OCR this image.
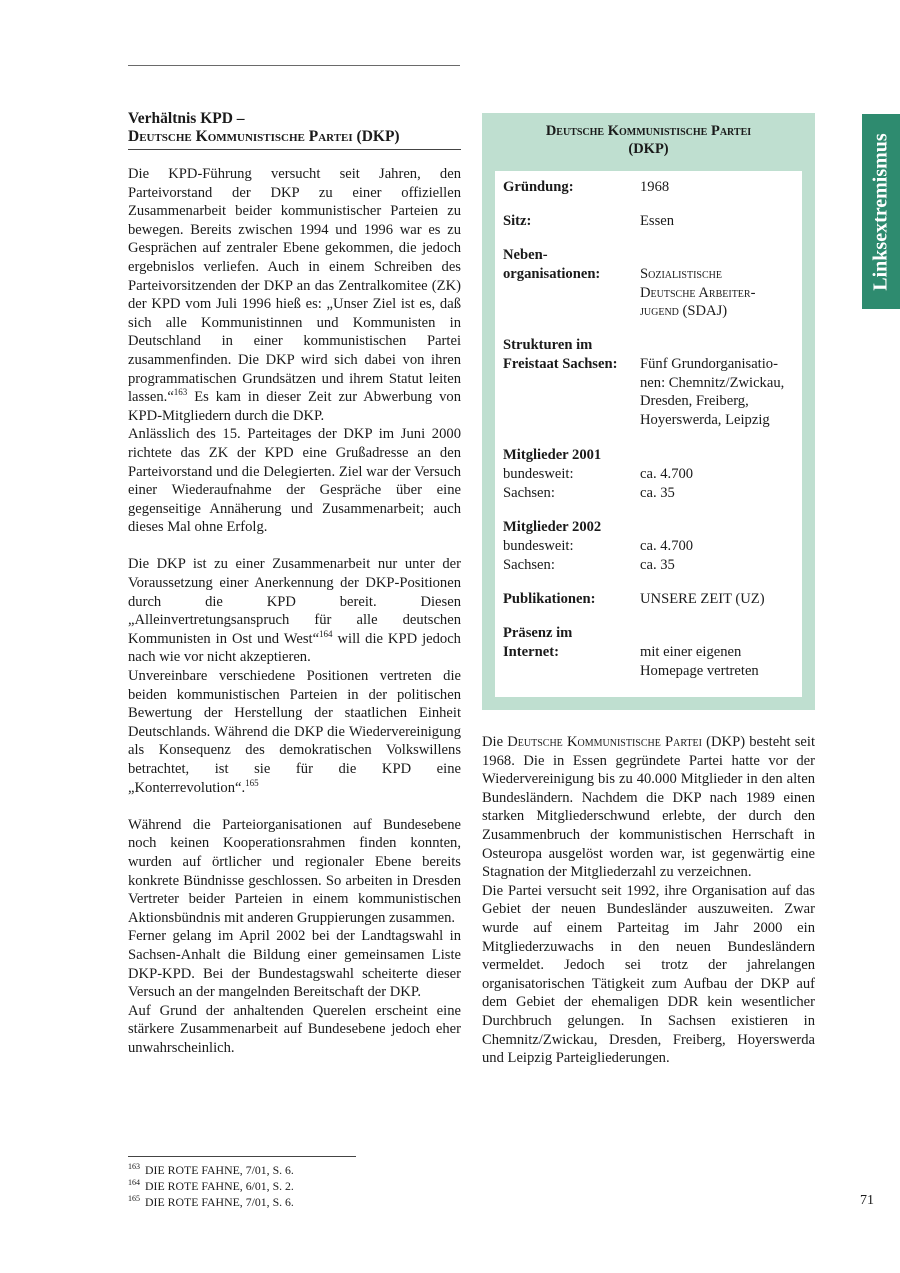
Verhältnis KPD –
Deutsche Kommunistische Partei (DKP)

Die KPD-Führung versucht seit Jahren, den Parteivorstand der DKP zu einer offiziellen Zusammenarbeit beider kommunistischer Parteien zu bewegen. Bereits zwischen 1994 und 1996 war es zu Gesprächen auf zentraler Ebene gekommen, die jedoch ergebnislos verliefen. Auch in einem Schreiben des Parteivorsitzenden der DKP an das Zentralkomitee (ZK) der KPD vom Juli 1996 hieß es: „Unser Ziel ist es, daß sich alle Kommunistinnen und Kommunisten in Deutschland in einer kommunistischen Partei zusammenfinden. Die DKP wird sich dabei von ihren programmatischen Grundsätzen und ihrem Statut leiten lassen.“$^{163}$ Es kam in dieser Zeit zur Abwerbung von KPD-Mitgliedern durch die DKP.

Anlässlich des 15. Parteitages der DKP im Juni 2000 richtete das ZK der KPD eine Grußadresse an den Parteivorstand und die Delegierten. Ziel war der Versuch einer Wiederaufnahme der Gespräche über eine gegenseitige Annäherung und Zusammenarbeit; auch dieses Mal ohne Erfolg.

Die DKP ist zu einer Zusammenarbeit nur unter der Voraussetzung einer Anerkennung der DKP-Positionen durch die KPD bereit. Diesen „Alleinvertretungsanspruch für alle deutschen Kommunisten in Ost und West“$^{164}$ will die KPD jedoch nach wie vor nicht akzeptieren.

Unvereinbare verschiedene Positionen vertreten die beiden kommunistischen Parteien in der politischen Bewertung der Herstellung der staatlichen Einheit Deutschlands. Während die DKP die Wiedervereinigung als Konsequenz des demokratischen Volkswillens betrachtet, ist sie für die KPD eine „Konterrevolution“.$^{165}$

Während die Parteiorganisationen auf Bundesebene noch keinen Kooperationsrahmen finden konnten, wurden auf örtlicher und regionaler Ebene bereits konkrete Bündnisse geschlossen. So arbeiten in Dresden Vertreter beider Parteien in einem kommunistischen Aktionsbündnis mit anderen Gruppierungen zusammen.

Ferner gelang im April 2002 bei der Landtagswahl in Sachsen-Anhalt die Bildung einer gemeinsamen Liste DKP-KPD. Bei der Bundestagswahl scheiterte dieser Versuch an der mangelnden Bereitschaft der DKP.

Auf Grund der anhaltenden Querelen erscheint eine stärkere Zusammenarbeit auf Bundesebene jedoch eher unwahrscheinlich.

Deutsche Kommunistische Partei
(DKP)
Gründung:	1968
Sitz:	Essen
Neben-
organisationen:	Sozialistische
Deutsche Arbeiter-
jugend (SDAJ)
Strukturen im
Freistaat Sachsen:	Fünf Grundorganisatio-
nen: Chemnitz/Zwickau,
Dresden, Freiberg,
Hoyerswerda, Leipzig
Mitglieder 2001
bundesweit:	ca. 4.700
Sachsen:	ca. 35
Mitglieder 2002
bundesweit:	ca. 4.700
Sachsen:	ca. 35
Publikationen:	UNSERE ZEIT (UZ)
Präsenz im
Internet:	mit einer eigenen
Homepage vertreten

Die Deutsche Kommunistische Partei (DKP) besteht seit 1968. Die in Essen gegründete Partei hatte vor der Wiedervereinigung bis zu 40.000 Mitglieder in den alten Bundesländern. Nachdem die DKP nach 1989 einen starken Mitgliederschwund erlebte, der durch den Zusammenbruch der kommunistischen Herrschaft in Osteuropa ausgelöst worden war, ist gegenwärtig eine Stagnation der Mitgliederzahl zu verzeichnen.

Die Partei versucht seit 1992, ihre Organisation auf das Gebiet der neuen Bundesländer auszuweiten. Zwar wurde auf einem Parteitag im Jahr 2000 ein Mitgliederzuwachs in den neuen Bundesländern vermeldet. Jedoch sei trotz der jahrelangen organisatorischen Tätigkeit zum Aufbau der DKP auf dem Gebiet der ehemaligen DDR kein wesentlicher Durchbruch gelungen. In Sachsen existieren in Chemnitz/Zwickau, Dresden, Freiberg, Hoyerswerda und Leipzig Parteigliederungen.

Linksextremismus
$^{163}$ DIE ROTE FAHNE, 7/01, S. 6.
$^{164}$ DIE ROTE FAHNE, 6/01, S. 2.
$^{165}$ DIE ROTE FAHNE, 7/01, S. 6.	71
